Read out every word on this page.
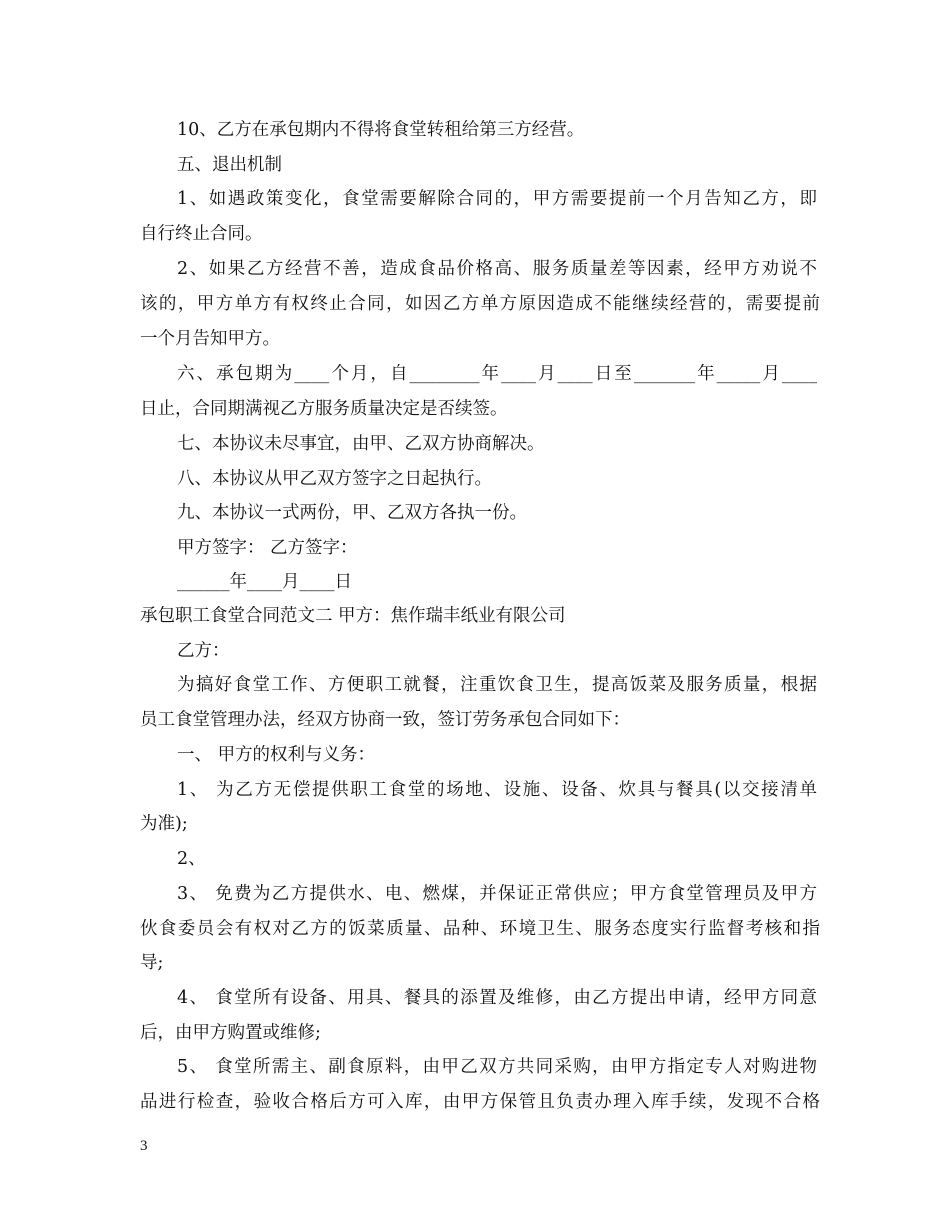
10、乙方在承包期内不得将食堂转租给第三方经营。
五、退出机制
1、如遇政策变化，食堂需要解除合同的，甲方需要提前一个月告知乙方，即
自行终止合同。
2、如果乙方经营不善，造成食品价格高、服务质量差等因素，经甲方劝说不
该的，甲方单方有权终止合同，如因乙方单方原因造成不能继续经营的，需要提前
一个月告知甲方。
六、承包期为____个月，自________年____月____日至_______年_____月____
日止，合同期满视乙方服务质量决定是否续签。
七、本协议未尽事宜，由甲、乙双方协商解决。
八、本协议从甲乙双方签字之日起执行。
九、本协议一式两份，甲、乙双方各执一份。
甲方签字： 乙方签字：
______年____月____日
承包职工食堂合同范文二 甲方：焦作瑞丰纸业有限公司
乙方：
为搞好食堂工作、方便职工就餐，注重饮食卫生，提高饭菜及服务质量，根据
员工食堂管理办法，经双方协商一致，签订劳务承包合同如下：
一、 甲方的权利与义务：
1、 为乙方无偿提供职工食堂的场地、设施、设备、炊具与餐具(以交接清单
为准);
2、
3、 免费为乙方提供水、电、燃煤，并保证正常供应；甲方食堂管理员及甲方
伙食委员会有权对乙方的饭菜质量、品种、环境卫生、服务态度实行监督考核和指
导;
4、 食堂所有设备、用具、餐具的添置及维修，由乙方提出申请，经甲方同意
后，由甲方购置或维修;
5、 食堂所需主、副食原料，由甲乙双方共同采购，由甲方指定专人对购进物
品进行检查，验收合格后方可入库，由甲方保管且负责办理入库手续，发现不合格
3
